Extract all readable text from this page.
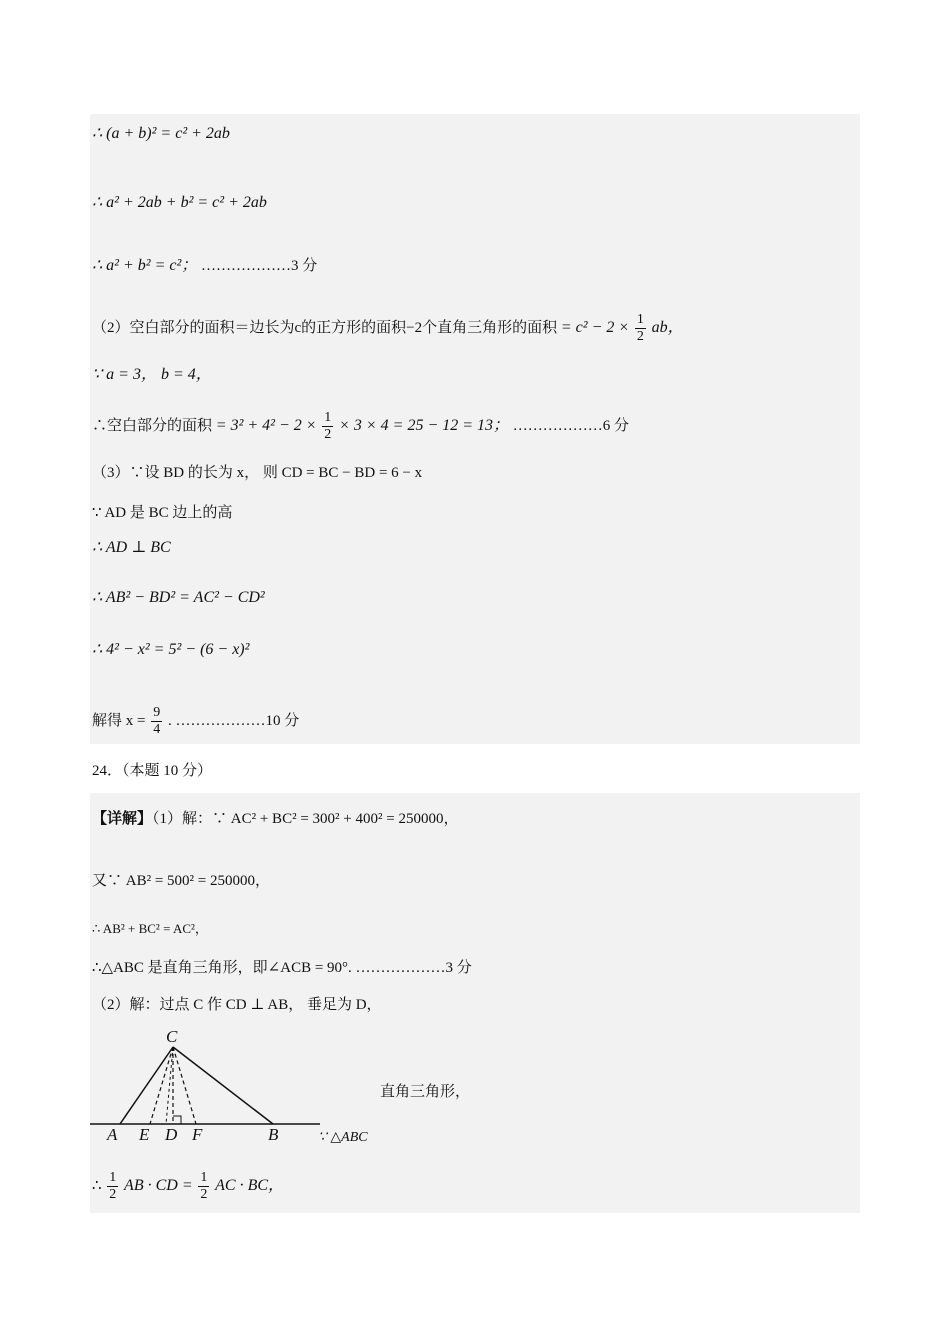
∴ (a + b)² = c² + 2ab
∴ a² + 2ab + b² = c² + 2ab
∴ a² + b² = c²； ………………3 分
（2）空白部分的面积＝边长为c的正方形的面积−2个直角三角形的面积 = $c^2 - 2 \times \frac{1}{2}$ ab，
∵ a = 3， b = 4，
∴空白部分的面积 = $3^2 + 4^2 - 2 \times \frac{1}{2} \times 3 \times 4 = 25 - 12 = 13$； ………………6 分
（3）∵设 BD 的长为 x， 则 CD = BC − BD = 6 − x
∵ AD 是 BC 边上的高
∴ AD ⊥ BC
∴ AB² − BD² = AC² − CD²
∴ 4² − x² = 5² − (6 − x)²
解得 $x = \frac{9}{4}$ . ………………10 分
24．（本题 10 分）
【详解】（1）解：∵ AC² + BC² = 300² + 400² = 250000，
又∵ AB² = 500² = 250000，
∴ AB² + BC² = AC²，
∴△ABC 是直角三角形，即∠ACB = 90°. ………………3 分
（2）解：过点 C 作 CD ⊥ AB， 垂足为 D，
C
A E D F	B
直角三角形，
∵ △ABC
∴ $\frac{1}{2}$ AB · CD = $\frac{1}{2}$ AC · BC，
